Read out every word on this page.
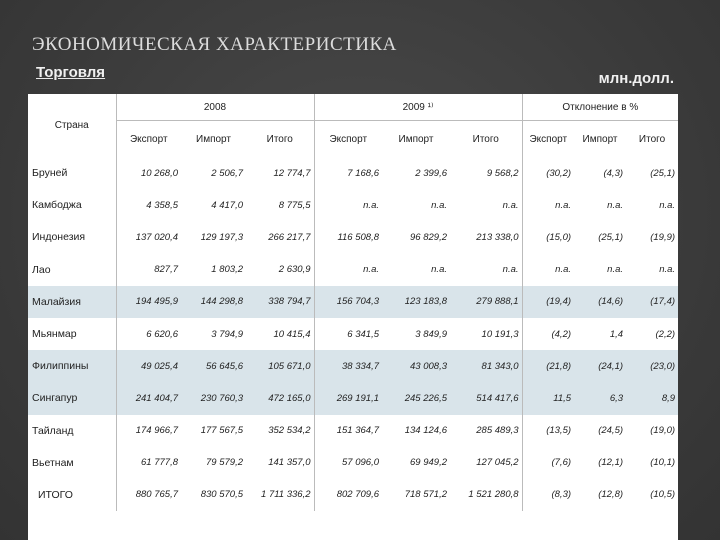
ЭКОНОМИЧЕСКАЯ ХАРАКТЕРИСТИКА
Торговля	млн.долл.
Страна	2008			2009 ¹⁾			Отклонение в %		
	Экспорт	Импорт	Итого	Экспорт	Импорт	Итого	Экспорт	Импорт	Итого
Бруней	10 268,0	2 506,7	12 774,7	7 168,6	2 399,6	9 568,2	(30,2)	(4,3)	(25,1)
Камбоджа	4 358,5	4 417,0	8 775,5	n.a.	n.a.	n.a.	n.a.	n.a.	n.a.
Индонезия	137 020,4	129 197,3	266 217,7	116 508,8	96 829,2	213 338,0	(15,0)	(25,1)	(19,9)
Лао	827,7	1 803,2	2 630,9	n.a.	n.a.	n.a.	n.a.	n.a.	n.a.
Малайзия	194 495,9	144 298,8	338 794,7	156 704,3	123 183,8	279 888,1	(19,4)	(14,6)	(17,4)
Мьянмар	6 620,6	3 794,9	10 415,4	6 341,5	3 849,9	10 191,3	(4,2)	1,4	(2,2)
Филиппины	49 025,4	56 645,6	105 671,0	38 334,7	43 008,3	81 343,0	(21,8)	(24,1)	(23,0)
Сингапур	241 404,7	230 760,3	472 165,0	269 191,1	245 226,5	514 417,6	11,5	6,3	8,9
Тайланд	174 966,7	177 567,5	352 534,2	151 364,7	134 124,6	285 489,3	(13,5)	(24,5)	(19,0)
Вьетнам	61 777,8	79 579,2	141 357,0	57 096,0	69 949,2	127 045,2	(7,6)	(12,1)	(10,1)
ИТОГО	880 765,7	830 570,5	1 711 336,2	802 709,6	718 571,2	1 521 280,8	(8,3)	(12,8)	(10,5)
